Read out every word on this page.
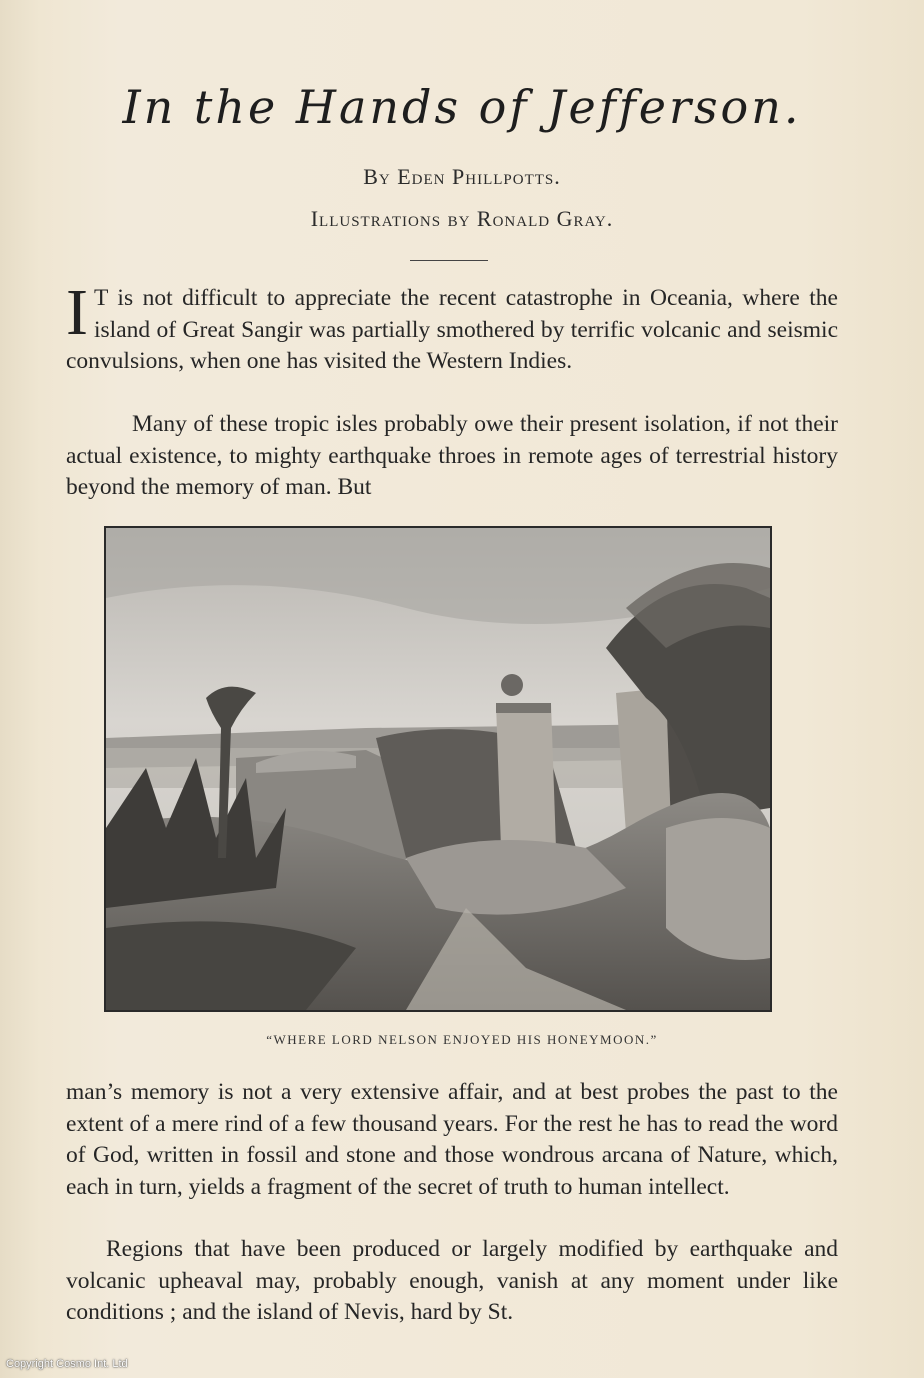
In the Hands of Jefferson.
By Eden Phillpotts.
Illustrations by Ronald Gray.
I T is not difficult to appreciate the recent catastrophe in Oceania, where the island of Great Sangir was partially smothered by terrific volcanic and seismic convulsions, when one has visited the Western Indies.
Many of these tropic isles probably owe their present isolation, if not their actual existence, to mighty earthquake throes in remote ages of terrestrial history beyond the memory of man. But
“WHERE LORD NELSON ENJOYED HIS HONEYMOON.”
man’s memory is not a very extensive affair, and at best probes the past to the extent of a mere rind of a few thousand years. For the rest he has to read the word of God, written in fossil and stone and those wondrous arcana of Nature, which, each in turn, yields a fragment of the secret of truth to human intellect.
Regions that have been produced or largely modified by earthquake and volcanic upheaval may, probably enough, vanish at any moment under like conditions ; and the island of Nevis, hard by St.
Copyright Cosmo Int. Ltd
